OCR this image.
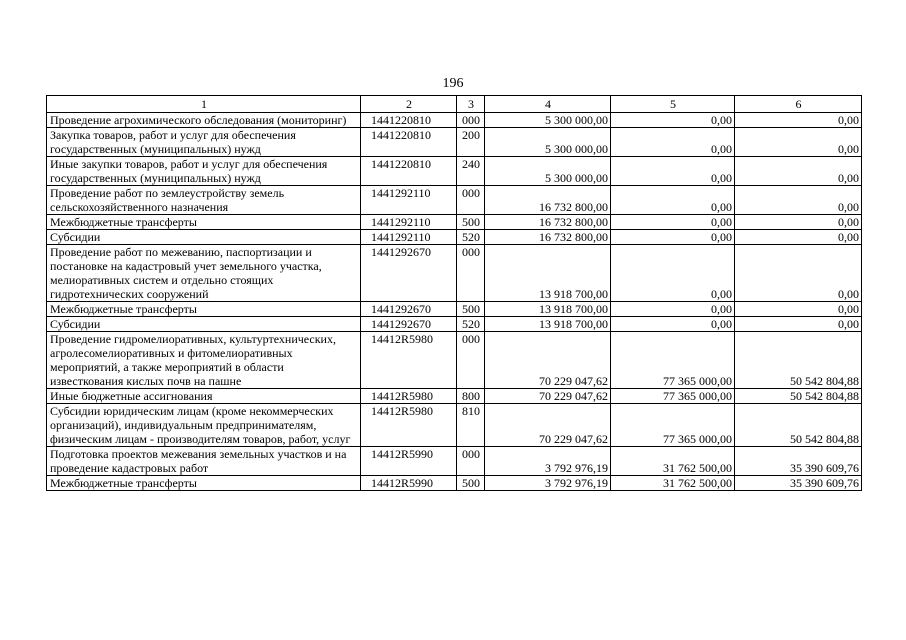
196
1	2	3	4	5	6
Проведение агрохимического обследования (мониторинг)	1441220810	000	5 300 000,00	0,00	0,00
Закупка товаров, работ и услуг для обеспечения государственных (муниципальных) нужд	1441220810	200	5 300 000,00	0,00	0,00
Иные закупки товаров, работ и услуг для обеспечения государственных (муниципальных) нужд	1441220810	240	5 300 000,00	0,00	0,00
Проведение работ по землеустройству земель сельскохозяйственного назначения	1441292110	000	16 732 800,00	0,00	0,00
Межбюджетные трансферты	1441292110	500	16 732 800,00	0,00	0,00
Субсидии	1441292110	520	16 732 800,00	0,00	0,00
Проведение работ по межеванию, паспортизации и постановке на кадастровый учет земельного участка, мелиоративных систем и отдельно стоящих гидротехнических сооружений	1441292670	000	13 918 700,00	0,00	0,00
Межбюджетные трансферты	1441292670	500	13 918 700,00	0,00	0,00
Субсидии	1441292670	520	13 918 700,00	0,00	0,00
Проведение гидромелиоративных, культуртехнических, агролесомелиоративных и фитомелиоративных мероприятий, а также мероприятий в области известкования кислых почв на пашне	14412R5980	000	70 229 047,62	77 365 000,00	50 542 804,88
Иные бюджетные ассигнования	14412R5980	800	70 229 047,62	77 365 000,00	50 542 804,88
Субсидии юридическим лицам (кроме некоммерческих организаций), индивидуальным предпринимателям, физическим лицам - производителям товаров, работ, услуг	14412R5980	810	70 229 047,62	77 365 000,00	50 542 804,88
Подготовка проектов межевания земельных участков и на проведение кадастровых работ	14412R5990	000	3 792 976,19	31 762 500,00	35 390 609,76
Межбюджетные трансферты	14412R5990	500	3 792 976,19	31 762 500,00	35 390 609,76
